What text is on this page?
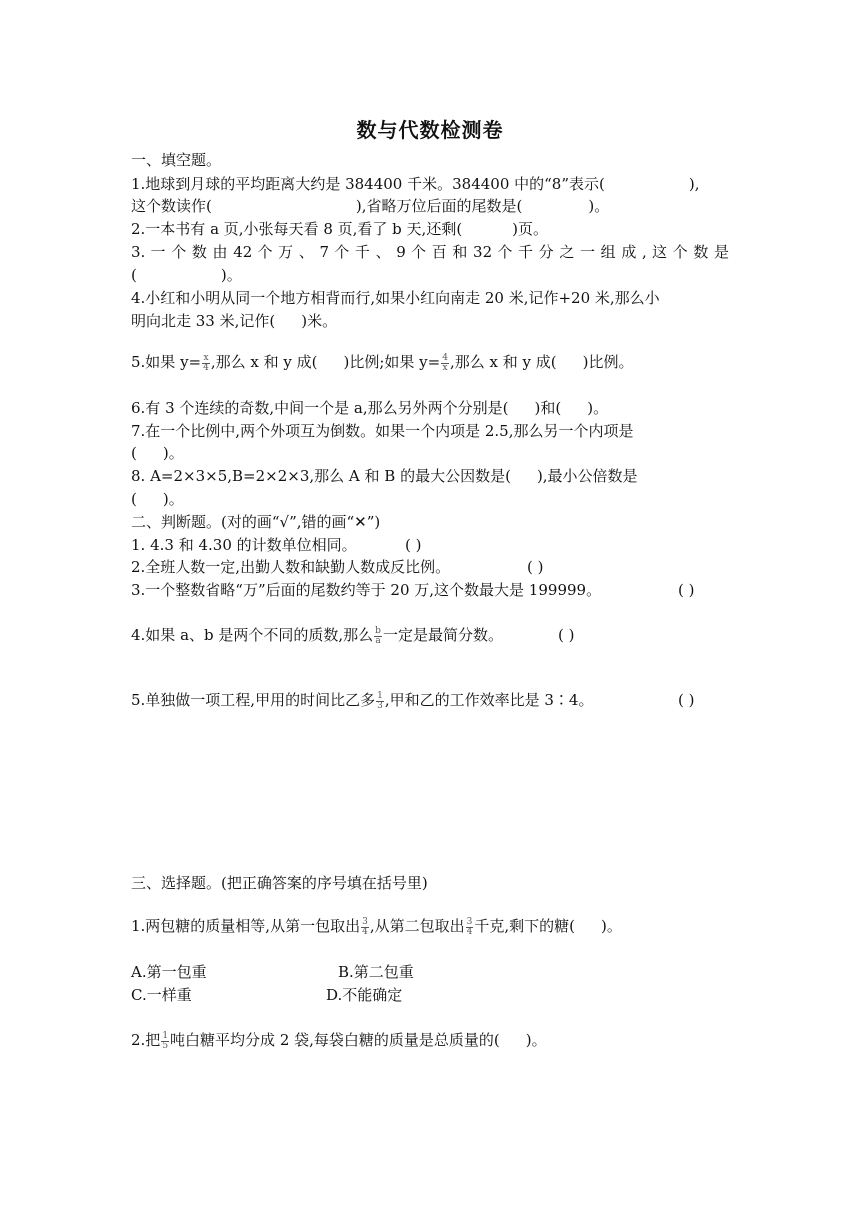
数与代数检测卷
一、填空题。
1.地球到月球的平均距离大约是 384400 千米。384400 中的“8”表示(	),
这个数读作(	),省略万位后面的尾数是(	)。
2.一本书有 a 页,小张每天看 8 页,看了 b 天,还剩(	)页。
3. 一 个 数 由 42 个 万 、 7 个 千 、 9 个 百 和 32 个 千 分 之 一 组 成 , 这 个 数 是
(	)。
4.小红和小明从同一个地方相背而行,如果小红向南走 20 米,记作+20 米,那么小
明向北走 33 米,记作( )米。
5.如果 $y= \frac{x}{4}$ ,那么 x 和 y 成( )比例;如果 $y= \frac{4}{x}$ ,那么 x 和 y 成( )比例。
6.有 3 个连续的奇数,中间一个是 a,那么另外两个分别是( )和( )。
7.在一个比例中,两个外项互为倒数。如果一个内项是 2.5,那么另一个内项是
( )。
8. A=2×3×5,B=2×2×3,那么 A 和 B 的最大公因数是( ),最小公倍数是
( )。
二、判断题。(对的画“√”,错的画“✕”)
1. 4.3 和 4.30 的计数单位相同。	( )
2.全班人数一定,出勤人数和缺勤人数成反比例。	( )
3.一个整数省略“万”后面的尾数约等于 20 万,这个数最大是 199999。	( )
4.如果 a、b 是两个不同的质数,那么 $\frac{b}{a}$ 一定是最简分数。	( )
5.单独做一项工程,甲用的时间比乙多 $\frac{1}{3}$ ,甲和乙的工作效率比是 3∶4。	( )
三、选择题。(把正确答案的序号填在括号里)
1.两包糖的质量相等,从第一包取出 $\frac{3}{4}$ ,从第二包取出 $\frac{3}{4}$ 千克,剩下的糖( )。
A.第一包重	B.第二包重
C.一样重	D.不能确定
2.把 $\frac{1}{5}$ 吨白糖平均分成 2 袋,每袋白糖的质量是总质量的( )。
